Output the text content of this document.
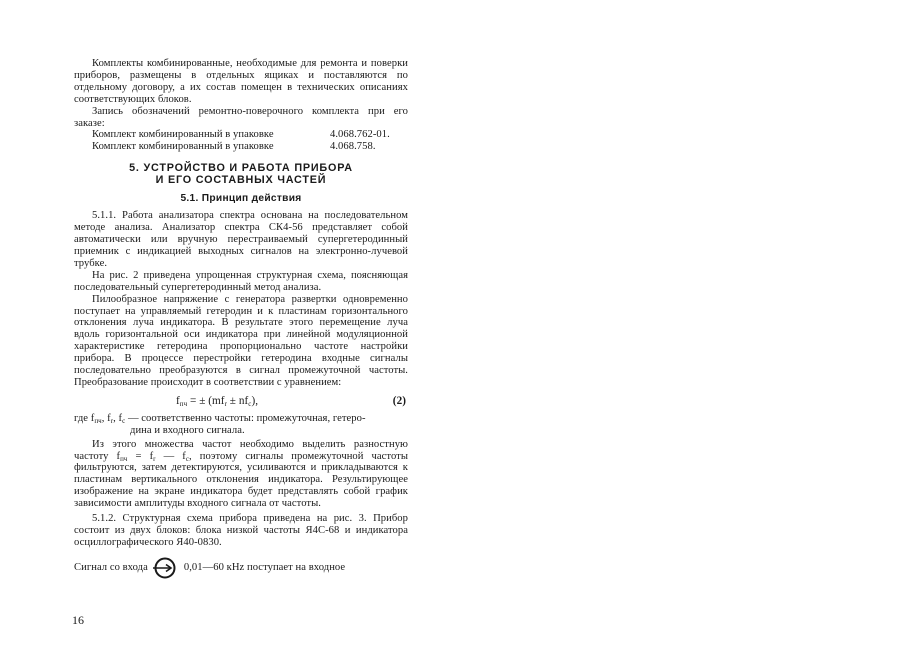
Комплекты комбинированные, необходимые для ремонта и поверки приборов, размещены в отдельных ящиках и поставляются по отдельному договору, а их состав помещен в технических описаниях соответствующих блоков.

Запись обозначений ремонтно-поверочного комплекта при его заказе:

Комплект комбинированный в упаковке	4.068.762-01.
Комплект комбинированный в упаковке	4.068.758.
5. УСТРОЙСТВО И РАБОТА ПРИБОРА
И ЕГО СОСТАВНЫХ ЧАСТЕЙ
5.1. Принцип действия

5.1.1. Работа анализатора спектра основана на последовательном методе анализа. Анализатор спектра СК4-56 представляет собой автоматически или вручную перестраиваемый супергетеродинный приемник с индикацией выходных сигналов на электронно-лучевой трубке.

На рис. 2 приведена упрощенная структурная схема, поясняющая последовательный супергетеродинный метод анализа.

Пилообразное напряжение с генератора развертки одновременно поступает на управляемый гетеродин и к пластинам горизонтального отклонения луча индикатора. В результате этого перемещение луча вдоль горизонтальной оси индикатора при линейной модуляционной характеристике гетеродина пропорционально частоте настройки прибора. В процессе перестройки гетеродина входные сигналы последовательно преобразуются в сигнал промежуточной частоты. Преобразование происходит в соответствии с уравнением:

$f_{пч}$ = ± $(mf_r \pm nf_c)$,	(2)

где $f_{пч}$, $f_r$, $f_c$ — соответственно частоты: промежуточная, гетеро-

дина и входного сигнала.

Из этого множества частот необходимо выделить разностную частоту $f_{пч} = f_r$ — $f_c$, поэтому сигналы промежуточной частоты фильтруются, затем детектируются, усиливаются и прикладываются к пластинам вертикального отклонения индикатора. Результирующее изображение на экране индикатора будет представлять собой график зависимости амплитуды входного сигнала от частоты.

5.1.2. Структурная схема прибора приведена на рис. 3. Прибор состоит из двух блоков: блока низкой частоты Я4С-68 и индикатора осциллографического Я40-0830.

Сигнал со входа	0,01—60 кHz поступает на входное
16
